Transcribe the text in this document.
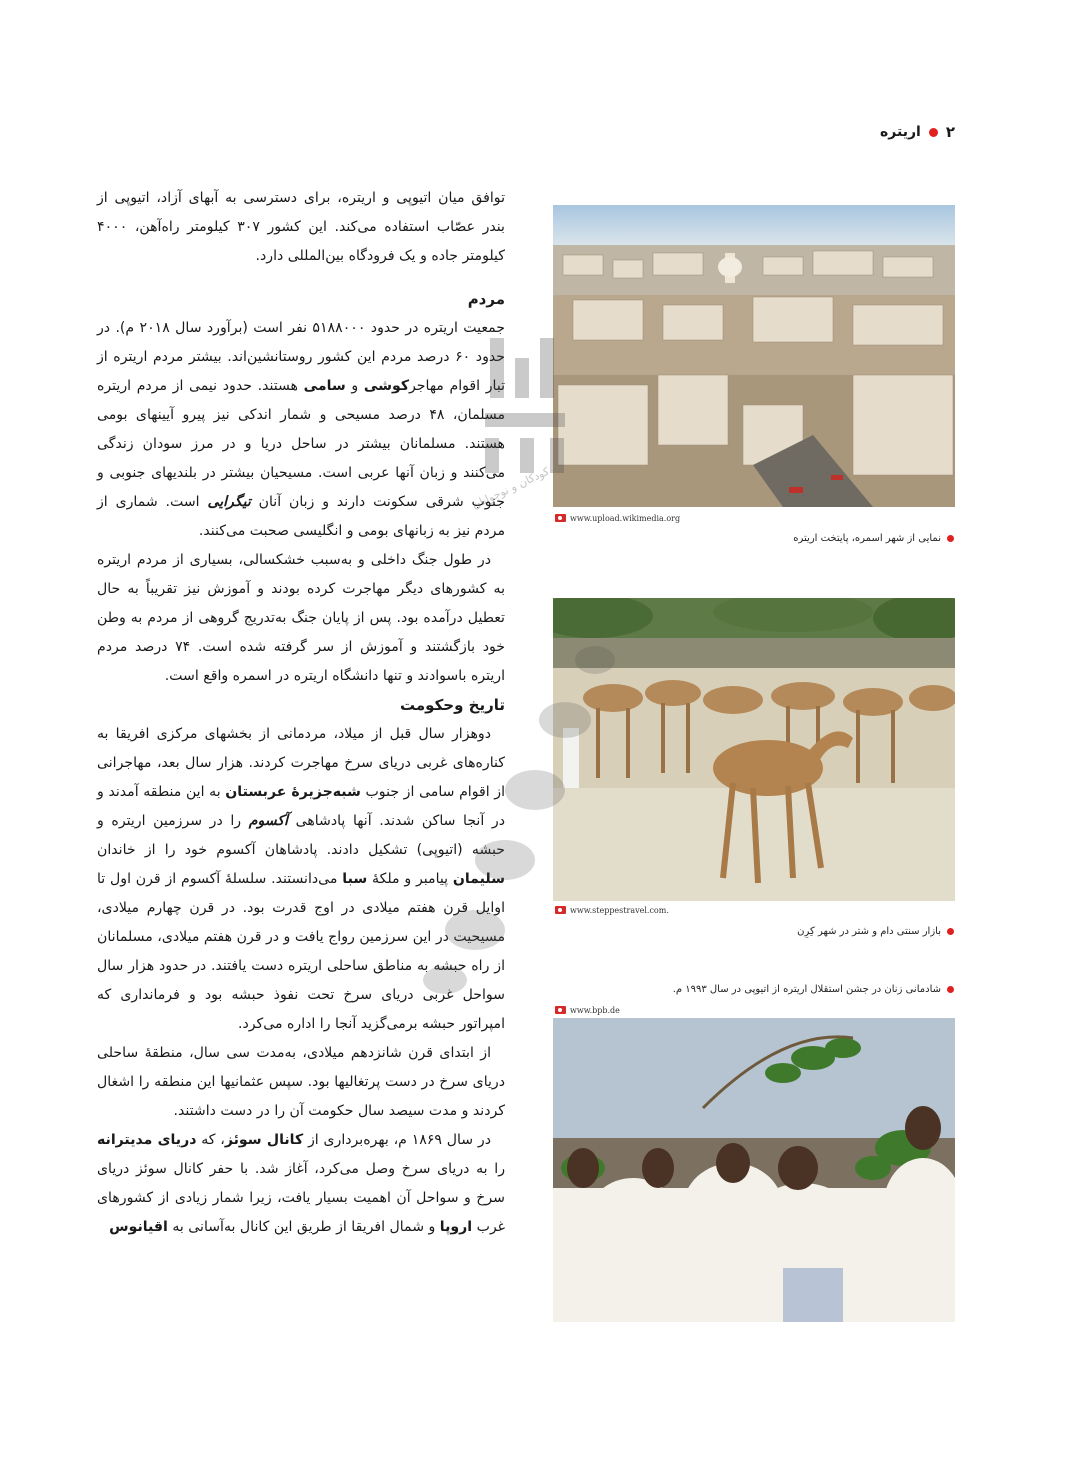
۲
اریتره

توافق میان اتیوپی و اریتره، برای دسترسی به آبهای آزاد، اتیوپی از بندر عصّاب استفاده می‌کند. این کشور ۳۰۷ کیلومتر راه‌آهن، ۴۰۰۰ کیلومتر جاده و یک فرودگاه بین‌المللی دارد.

مردم

جمعیت اریتره در حدود ۵۱۸۸۰۰۰ نفر است (برآورد سال ۲۰۱۸ م). در حدود ۶۰ درصد مردم این کشور روستانشین‌اند. بیشتر مردم اریتره از تبار اقوام مهاجرکوشی و سامی هستند. حدود نیمی از مردم اریتره مسلمان، ۴۸ درصد مسیحی و شمار اندکی نیز پیرو آیینهای بومی هستند. مسلمانان بیشتر در ساحل دریا و در مرز سودان زندگی می‌کنند و زبان آنها عربی است. مسیحیان بیشتر در بلندیهای جنوبی و جنوب شرقی سکونت دارند و زبان آنان تیگرایی است. شماری از مردم نیز به زبانهای بومی و انگلیسی صحبت می‌کنند.

در طول جنگ داخلی و به‌سبب خشکسالی، بسیاری از مردم اریتره به کشورهای دیگر مهاجرت کرده بودند و آموزش نیز تقریباً به حال تعطیل درآمده بود. پس از پایان جنگ به‌تدریج گروهی از مردم به وطن خود بازگشتند و آموزش از سر گرفته شده است. ۷۴ درصد مردم اریتره باسوادند و تنها دانشگاه اریتره در اسمره واقع است.

تاریخ وحکومت

دوهزار سال قبل از میلاد، مردمانی از بخشهای مرکزی افریقا به کناره‌های غربی دریای سرخ مهاجرت کردند. هزار سال بعد، مهاجرانی از اقوام سامی از جنوب شبه‌جزیرهٔ عربستان به این منطقه آمدند و در آنجا ساکن شدند. آنها پادشاهی آکسوم را در سرزمین اریتره و حبشه (اتیوپی) تشکیل دادند. پادشاهان آکسوم خود را از خاندان سلیمان پیامبر و ملکهٔ سبا می‌دانستند. سلسلهٔ آکسوم از قرن اول تا اوایل قرن هفتم میلادی در اوج قدرت بود. در قرن چهارم میلادی، مسیحیت در این سرزمین رواج یافت و در قرن هفتم میلادی، مسلمانان از راه حبشه به مناطق ساحلی اریتره دست یافتند. در حدود هزار سال سواحل غربی دریای سرخ تحت نفوذ حبشه بود و فرمانداری که امپراتور حبشه برمی‌گزید آنجا را اداره می‌کرد.

از ابتدای قرن شانزدهم میلادی، به‌مدت سی سال، منطقهٔ ساحلی دریای سرخ در دست پرتغالیها بود. سپس عثمانیها این منطقه را اشغال کردند و مدت سیصد سال حکومت آن را در دست داشتند.

در سال ۱۸۶۹ م، بهره‌برداری از کانال سوئز، که دریای مدیترانه را به دریای سرخ وصل می‌کرد، آغاز شد. با حفر کانال سوئز دریای سرخ و سواحل آن اهمیت بسیار یافت، زیرا شمار زیادی از کشورهای غرب اروپا و شمال افریقا از طریق این کانال به‌آسانی به اقیانوس

www.upload.wikimedia.org
نمایی از شهر اسمره، پایتخت اریتره
www.steppestravel.com.
بازار سنتی دام و شتر در شهر کِرِن
شادمانی زنان در جشن استقلال اریتره از اتیوپی در سال ۱۹۹۳ م.
www.bpb.de
کودکان و نوجوانان
